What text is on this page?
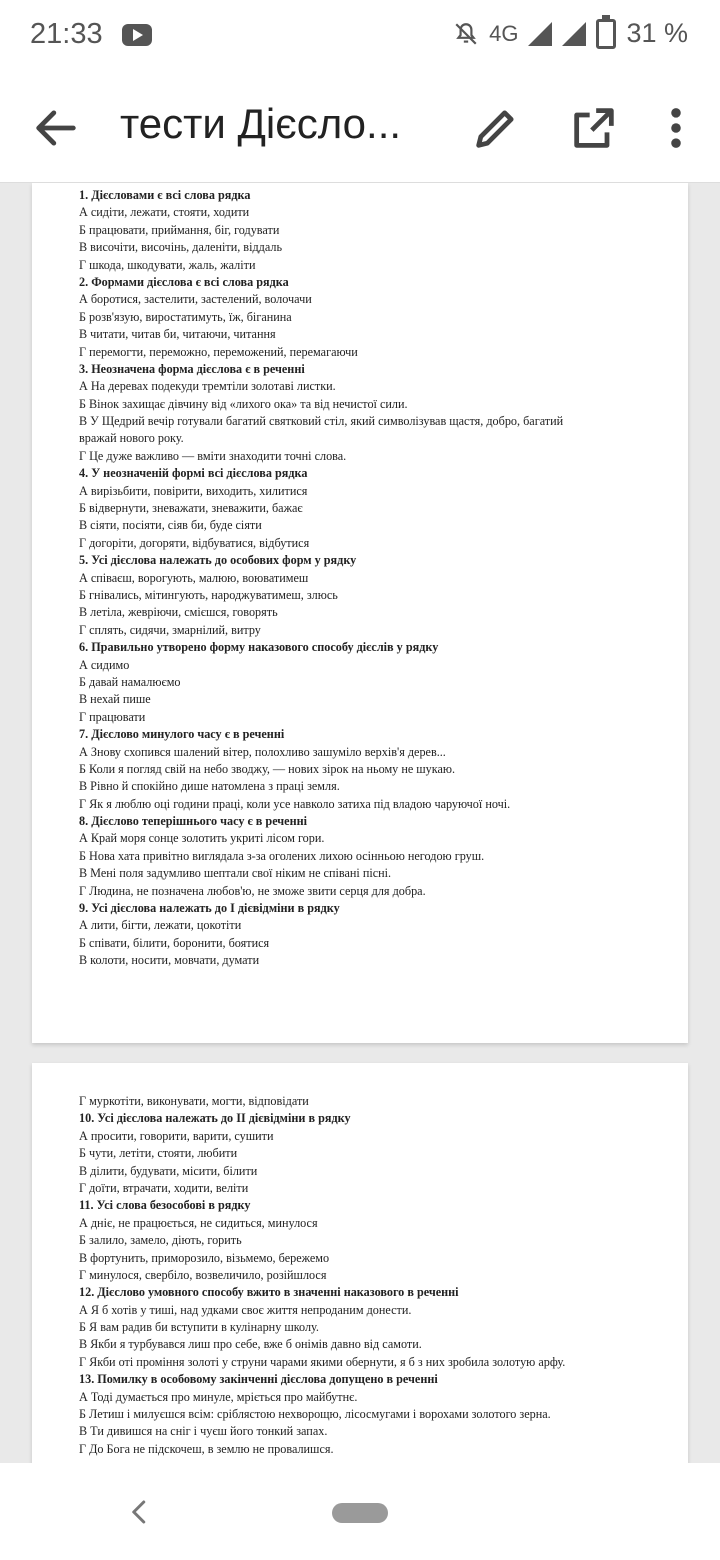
21:33	4G	31 %
тести Дієсло...
1. Дієсловами є всі слова рядка
А сидіти, лежати, стояти, ходити
Б працювати, приймання, біг, годувати
В височіти, височінь, даленіти, віддаль
Г шкода, шкодувати, жаль, жаліти
2. Формами дієслова є всі слова рядка
А боротися, застелити, застелений, волочачи
Б розв'язую, виростатимуть, їж, біганина
В читати, читав би, читаючи, читання
Г перемогти, переможно, переможений, перемагаючи
3. Неозначена форма дієслова є в реченні
А На деревах подекуди тремтіли золотаві листки.
Б Вінок захищає дівчину від «лихого ока» та від нечистої сили.
В У Щедрий вечір готували багатий святковий стіл, який символізував щастя, добро, багатий
вражай нового року.
Г Це дуже важливо — вміти знаходити точні слова.
4. У неозначеній формі всі дієслова рядка
А вирізьбити, повірити, виходить, хилитися
Б відвернути, зневажати, зневажити, бажає
В сіяти, посіяти, сіяв би, буде сіяти
Г догоріти, догоряти, відбуватися, відбутися
5. Усі дієслова належать до особових форм у рядку
А співаєш, ворогують, малюю, воюватимеш
Б гнівались, мітингують, народжуватимеш, злюсь
В летіла, жевріючи, смієшся, говорять
Г сплять, сидячи, змарнілий, витру
6. Правильно утворено форму наказового способу дієслів у рядку
А сидимо
Б давай намалюємо
В нехай пише
Г працювати
7. Дієслово минулого часу є в реченні
А Знову схопився шалений вітер, полохливо зашуміло верхів'я дерев...
Б Коли я погляд свій на небо зводжу, — нових зірок на ньому не шукаю.
В Рівно й спокійно дише натомлена з праці земля.
Г Як я люблю оці години праці, коли усе навколо затиха під владою чаруючої ночі.
8. Дієслово теперішнього часу є в реченні
А Край моря сонце золотить укриті лісом гори.
Б Нова хата привітно виглядала з-за оголених лихою осінньою негодою груш.
В Мені поля задумливо шептали свої ніким не співані пісні.
Г Людина, не позначена любов'ю, не зможе звити серця для добра.
9. Усі дієслова належать до І дієвідміни в рядку
А лити, бігти, лежати, цокотіти
Б співати, білити, боронити, боятися
В колоти, носити, мовчати, думати
Г муркотіти, виконувати, могти, відповідати
10. Усі дієслова належать до ІІ дієвідміни в рядку
А просити, говорити, варити, сушити
Б чути, летіти, стояти, любити
В ділити, будувати, місити, білити
Г доїти, втрачати, ходити, веліти
11. Усі слова безособові в рядку
А дніє, не працюється, не сидиться, минулося
Б залило, замело, діють, горить
В фортунить, приморозило, візьмемо, бережемо
Г минулося, свербіло, возвеличило, розійшлося
12. Дієслово умовного способу вжито в значенні наказового в реченні
А Я б хотів у тиші, над удками своє життя непроданим донести.
Б Я вам радив би вступити в кулінарну школу.
В Якби я турбувався лиш про себе, вже б онімів давно від самоти.
Г Якби оті проміння золоті у струни чарами якими обернути, я б з них зробила золотую арфу.
13. Помилку в особовому закінченні дієслова допущено в реченні
А Тоді думається про минуле, мріється про майбутнє.
Б Летиш і милуєшся всім: сріблястою нехворощю, лісосмугами і ворохами золотого зерна.
В Ти дивишся на сніг і чуєш його тонкий запах.
Г До Бога не підскочеш, в землю не провалишся.
